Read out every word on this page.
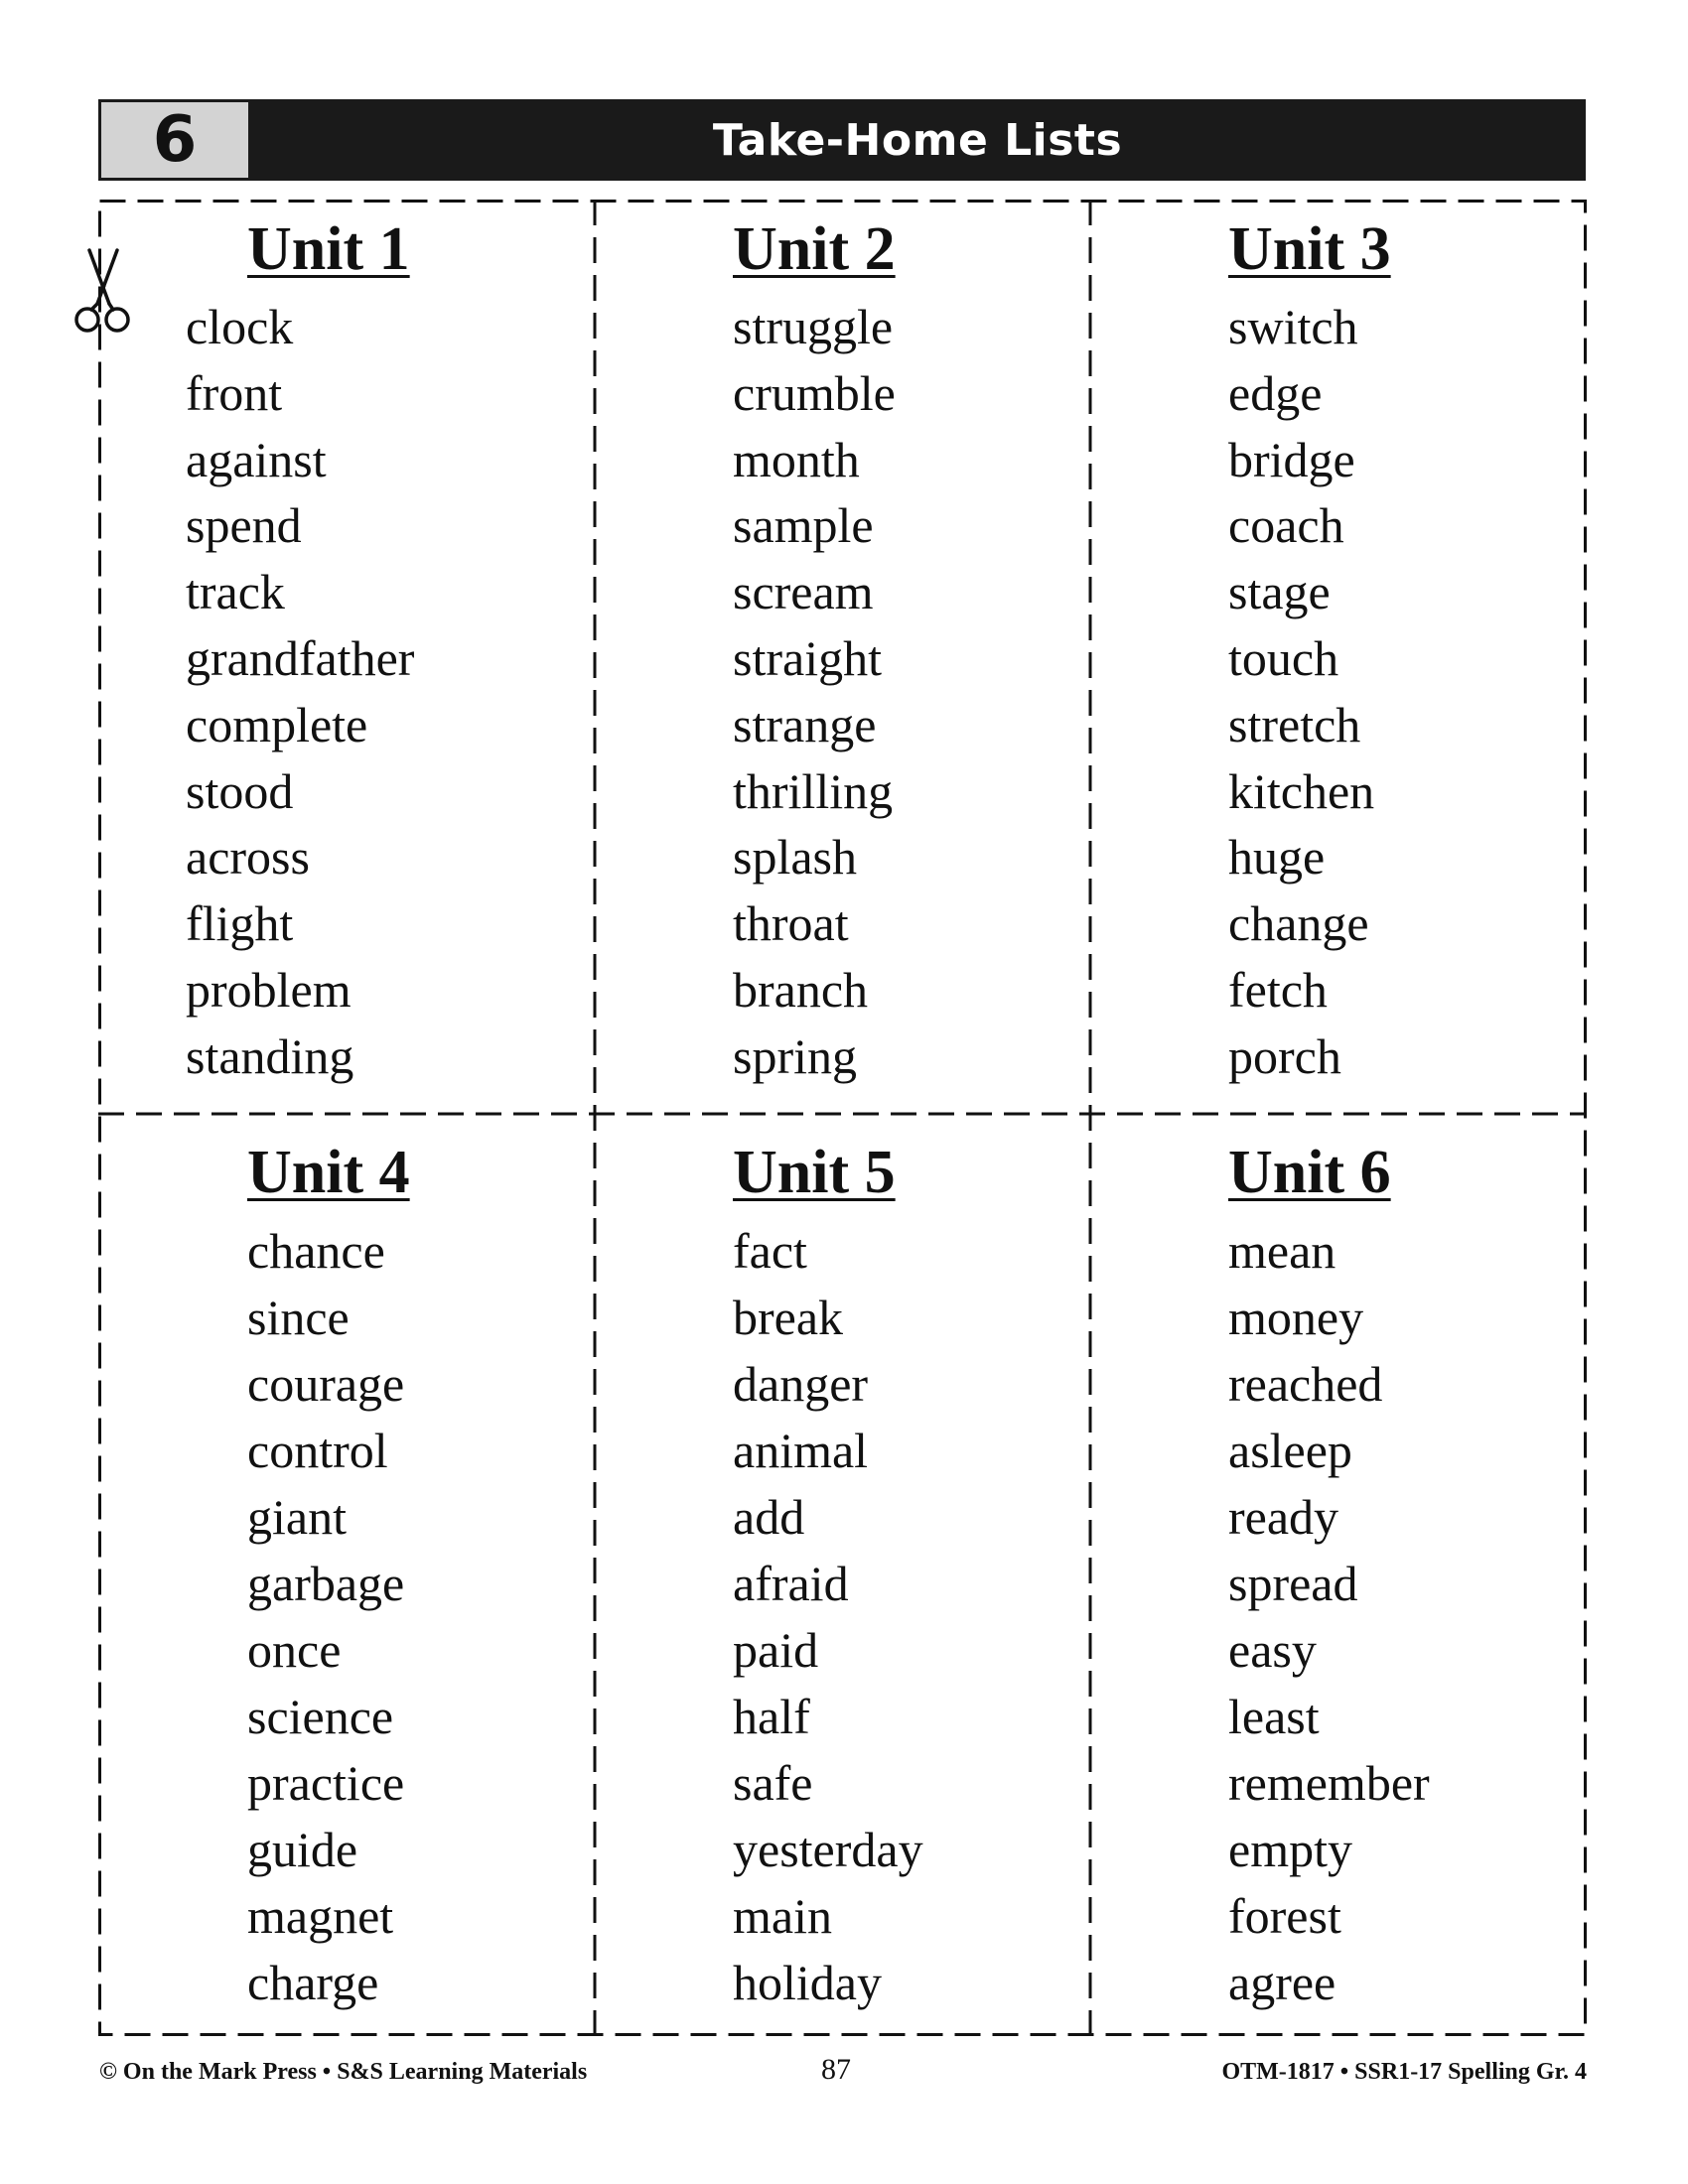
6	Take-Home Lists
Unit 1
clock
front
against
spend
track
grandfather
complete
stood
across
flight
problem
standing
Unit 2
struggle
crumble
month
sample
scream
straight
strange
thrilling
splash
throat
branch
spring
Unit 3
switch
edge
bridge
coach
stage
touch
stretch
kitchen
huge
change
fetch
porch
Unit 4
chance
since
courage
control
giant
garbage
once
science
practice
guide
magnet
charge
Unit 5
fact
break
danger
animal
add
afraid
paid
half
safe
yesterday
main
holiday
Unit 6
mean
money
reached
asleep
ready
spread
easy
least
remember
empty
forest
agree
© On the Mark Press • S&S Learning Materials	87	OTM-1817 • SSR1-17 Spelling Gr. 4
